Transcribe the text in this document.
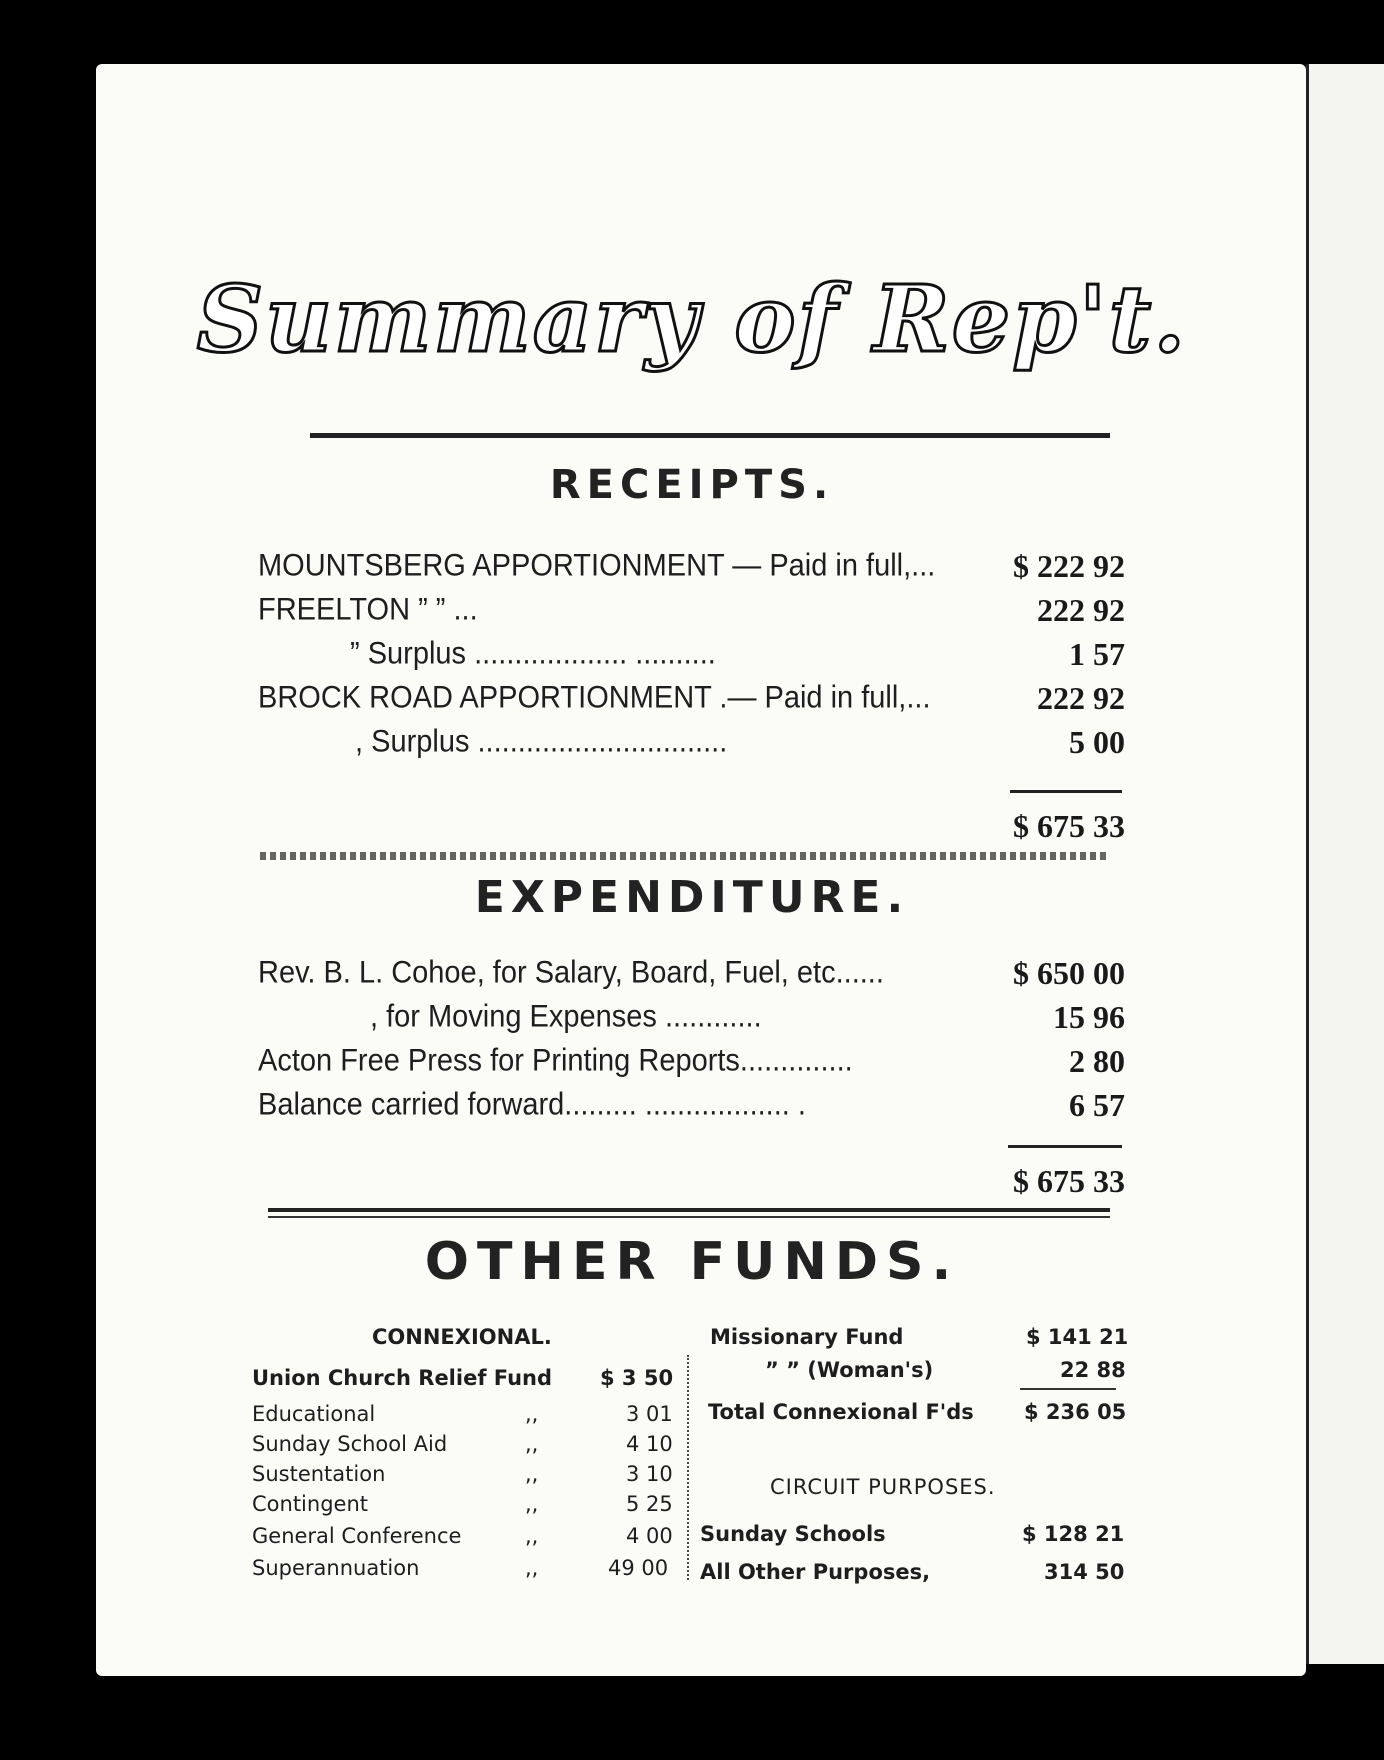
Summary of Rep't.
RECEIPTS.
MOUNTSBERG APPORTIONMENT — Paid in full,...	$ 222 92
FREELTON ” ” ...	222 92
” Surplus ................... ..........	1 57
BROCK ROAD APPORTIONMENT .— Paid in full,...	222 92
, Surplus ...............................	5 00
$ 675 33
EXPENDITURE.
Rev. B. L. Cohoe, for Salary, Board, Fuel, etc......	$ 650 00
, for Moving Expenses ............	15 96
Acton Free Press for Printing Reports..............	2 80
Balance carried forward......... .................. .	6 57
$ 675 33
OTHER FUNDS.
CONNEXIONAL.
Union Church Relief Fund $ 3 50
Educational	,,	3 01
Sunday School Aid	,,	4 10
Sustentation	,,	3 10
Contingent	,,	5 25
General Conference	,,	4 00
Superannuation	,,	49 00
Missionary Fund	$ 141 21
” ” (Woman's)	22 88
Total Connexional F'ds $ 236 05
CIRCUIT PURPOSES.
Sunday Schools	$ 128 21
All Other Purposes,	314 50
